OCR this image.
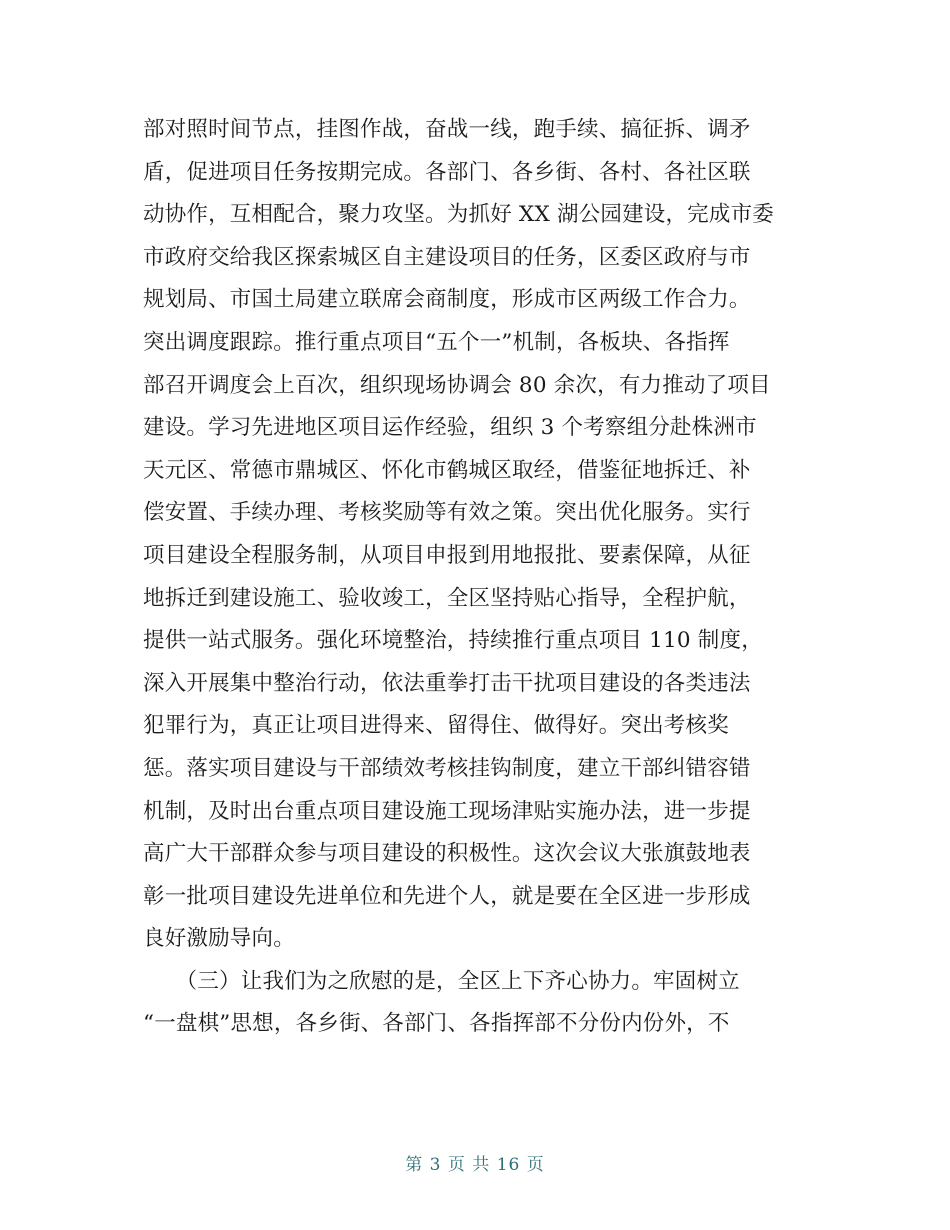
部对照时间节点，挂图作战，奋战一线，跑手续、搞征拆、调矛
盾，促进项目任务按期完成。各部门、各乡街、各村、各社区联
动协作，互相配合，聚力攻坚。为抓好 XX 湖公园建设，完成市委
市政府交给我区探索城区自主建设项目的任务，区委区政府与市
规划局、市国土局建立联席会商制度，形成市区两级工作合力。
突出调度跟踪。推行重点项目“五个一”机制，各板块、各指挥
部召开调度会上百次，组织现场协调会 80 余次，有力推动了项目
建设。学习先进地区项目运作经验，组织 3 个考察组分赴株洲市
天元区、常德市鼎城区、怀化市鹤城区取经，借鉴征地拆迁、补
偿安置、手续办理、考核奖励等有效之策。突出优化服务。实行
项目建设全程服务制，从项目申报到用地报批、要素保障，从征
地拆迁到建设施工、验收竣工，全区坚持贴心指导，全程护航，
提供一站式服务。强化环境整治，持续推行重点项目 110 制度，
深入开展集中整治行动，依法重拳打击干扰项目建设的各类违法
犯罪行为，真正让项目进得来、留得住、做得好。突出考核奖
惩。落实项目建设与干部绩效考核挂钩制度，建立干部纠错容错
机制，及时出台重点项目建设施工现场津贴实施办法，进一步提
高广大干部群众参与项目建设的积极性。这次会议大张旗鼓地表
彰一批项目建设先进单位和先进个人，就是要在全区进一步形成
良好激励导向。
　　（三）让我们为之欣慰的是，全区上下齐心协力。牢固树立
“一盘棋”思想，各乡街、各部门、各指挥部不分份内份外，不
第 3 页 共 16 页
